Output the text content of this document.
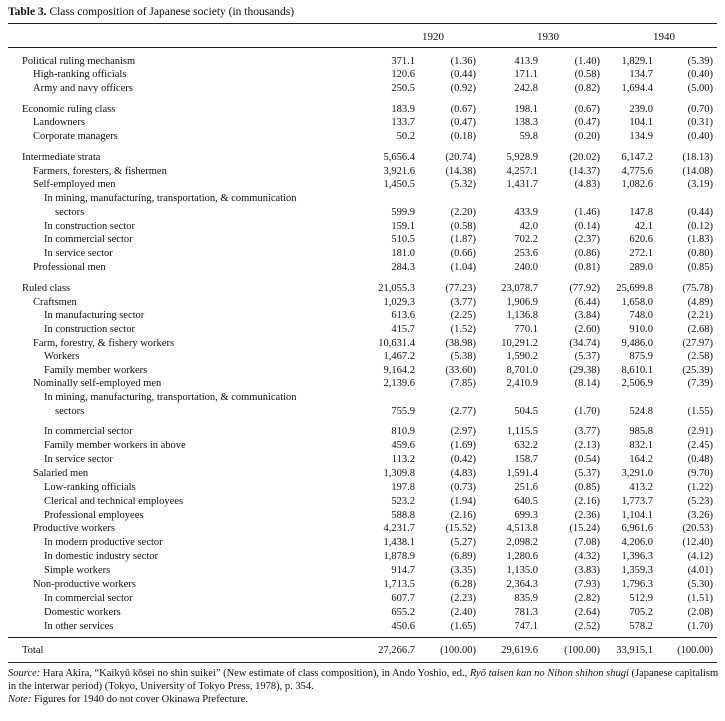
Table 3. Class composition of Japanese society (in thousands)
1920	1930	1940
Political ruling mechanism	371.1	(1.36)	413.9	(1.40)	1,829.1	(5.39)
High-ranking officials	120.6	(0.44)	171.1	(0.58)	134.7	(0.40)
Army and navy officers	250.5	(0.92)	242.8	(0.82)	1,694.4	(5.00)
Economic ruling class	183.9	(0.67)	198.1	(0.67)	239.0	(0.70)
Landowners	133.7	(0.47)	138.3	(0.47)	104.1	(0.31)
Corporate managers	50.2	(0.18)	59.8	(0.20)	134.9	(0.40)
Intermediate strata	5,656.4	(20.74)	5,928.9	(20.02)	6,147.2	(18.13)
Farmers, foresters, & fishermen	3,921.6	(14.38)	4,257.1	(14.37)	4,775.6	(14.08)
Self-employed men	1,450.5	(5.32)	1,431.7	(4.83)	1,082.6	(3.19)
In mining, manufacturing, transportation, & communication
sectors	599.9	(2.20)	433.9	(1.46)	147.8	(0.44)
In construction sector	159.1	(0.58)	42.0	(0.14)	42.1	(0.12)
In commercial sector	510.5	(1.87)	702.2	(2.37)	620.6	(1.83)
In service sector	181.0	(0.66)	253.6	(0.86)	272.1	(0.80)
Professional men	284.3	(1.04)	240.0	(0.81)	289.0	(0.85)
Ruled class	21,055.3	(77.23)	23,078.7	(77.92)	25,699.8	(75.78)
Craftsmen	1,029.3	(3.77)	1,906.9	(6.44)	1,658.0	(4.89)
In manufacturing sector	613.6	(2.25)	1,136.8	(3.84)	748.0	(2.21)
In construction sector	415.7	(1.52)	770.1	(2.60)	910.0	(2.68)
Farm, forestry, & fishery workers	10,631.4	(38.98)	10,291.2	(34.74)	9,486.0	(27.97)
Workers	1,467.2	(5.38)	1,590.2	(5.37)	875.9	(2.58)
Family member workers	9,164.2	(33.60)	8,701.0	(29.38)	8,610.1	(25.39)
Nominally self-employed men	2,139.6	(7.85)	2,410.9	(8.14)	2,506.9	(7.39)
In mining, manufacturing, transportation, & communication
sectors	755.9	(2.77)	504.5	(1.70)	524.8	(1.55)
In commercial sector	810.9	(2.97)	1,115.5	(3.77)	985.8	(2.91)
Family member workers in above	459.6	(1.69)	632.2	(2.13)	832.1	(2.45)
In service sector	113.2	(0.42)	158.7	(0.54)	164.2	(0.48)
Salaried men	1,309.8	(4.83)	1,591.4	(5.37)	3,291.0	(9.70)
Low-ranking officials	197.8	(0.73)	251.6	(0.85)	413.2	(1.22)
Clerical and technical employees	523.2	(1.94)	640.5	(2.16)	1,773.7	(5.23)
Professional employees	588.8	(2.16)	699.3	(2.36)	1,104.1	(3.26)
Productive workers	4,231.7	(15.52)	4,513.8	(15.24)	6,961.6	(20.53)
In modern productive sector	1,438.1	(5.27)	2,098.2	(7.08)	4,206.0	(12.40)
In domestic industry sector	1,878.9	(6.89)	1,280.6	(4.32)	1,396.3	(4.12)
Simple workers	914.7	(3.35)	1,135.0	(3.83)	1,359.3	(4.01)
Non-productive workers	1,713.5	(6.28)	2,364.3	(7.93)	1,796.3	(5.30)
In commercial sector	607.7	(2.23)	835.9	(2.82)	512.9	(1.51)
Domestic workers	655.2	(2.40)	781.3	(2.64)	705.2	(2.08)
In other services	450.6	(1.65)	747.1	(2.52)	578.2	(1.70)
Total	27,266.7	(100.00)	29,619.6	(100.00)	33,915.1	(100.00)
Source: Hara Akira, “Kaikyū kōsei no shin suikei” (New estimate of class composition), in Ando Yoshio, ed., Ryō taisen kan no Nihon shihon shugi (Japanese capitalism in the interwar period) (Tokyo, University of Tokyo Press, 1978), p. 354.
Note: Figures for 1940 do not cover Okinawa Prefecture.
